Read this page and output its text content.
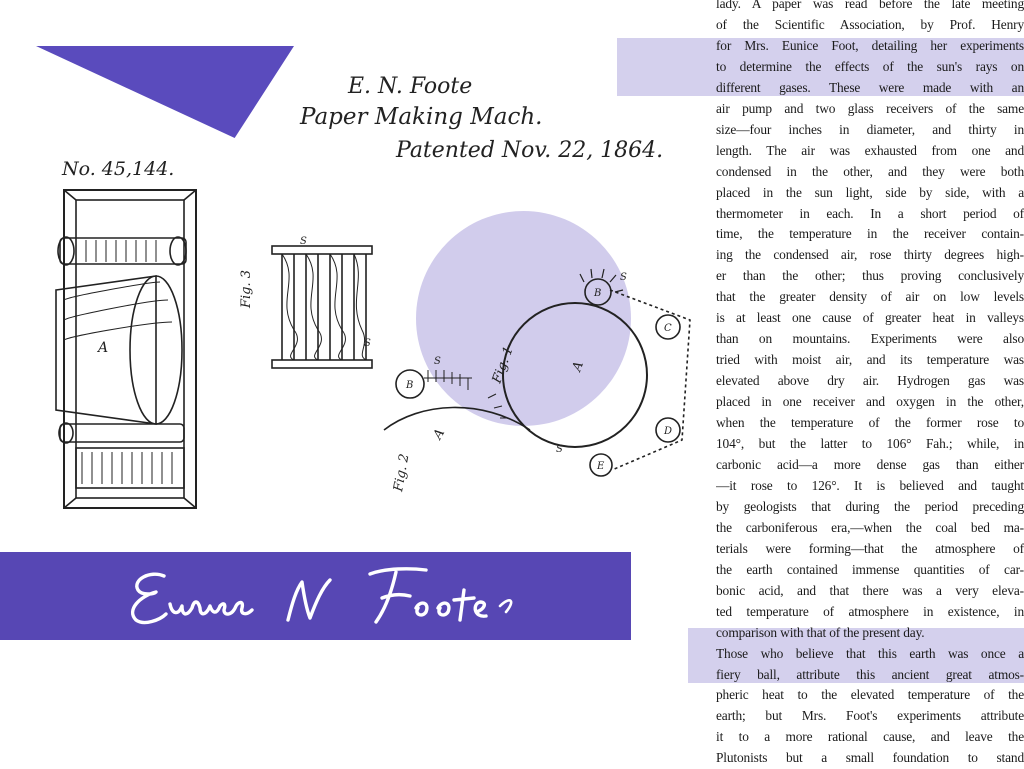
Fig. 3
Fig. 1
Fig. 2
A
A
A
B
B
C
D
E
S
S
S
S
S
E. N. Foote
Paper Making Mach.
Patented Nov. 22, 1864.
No. 45,144.
lady. A paper was read before the late meeting
of the Scientific Association, by Prof. Henry
for Mrs. Eunice Foot, detailing her experiments
to determine the effects of the sun's rays on
different gases. These were made with an
air pump and two glass receivers of the same
size—four inches in diameter, and thirty in
length. The air was exhausted from one and
condensed in the other, and they were both
placed in the sun light, side by side, with a
thermometer in each. In a short period of
time, the temperature in the receiver contain-
ing the condensed air, rose thirty degrees high-
er than the other; thus proving conclusively
that the greater density of air on low levels
is at least one cause of greater heat in valleys
than on mountains. Experiments were also
tried with moist air, and its temperature was
elevated above dry air. Hydrogen gas was
placed in one receiver and oxygen in the other,
when the temperature of the former rose to
104°, but the latter to 106° Fah.; while, in
carbonic acid—a more dense gas than either
—it rose to 126°. It is believed and taught
by geologists that during the period preceding
the carboniferous era,—when the coal bed ma-
terials were forming—that the atmosphere of
the earth contained immense quantities of car-
bonic acid, and that there was a very eleva-
ted temperature of atmosphere in existence, in
comparison with that of the present day.
Those who believe that this earth was once a
fiery ball, attribute this ancient great atmos-
pheric heat to the elevated temperature of the
earth; but Mrs. Foot's experiments attribute
it to a more rational cause, and leave the
Plutonists but a small foundation to stand
